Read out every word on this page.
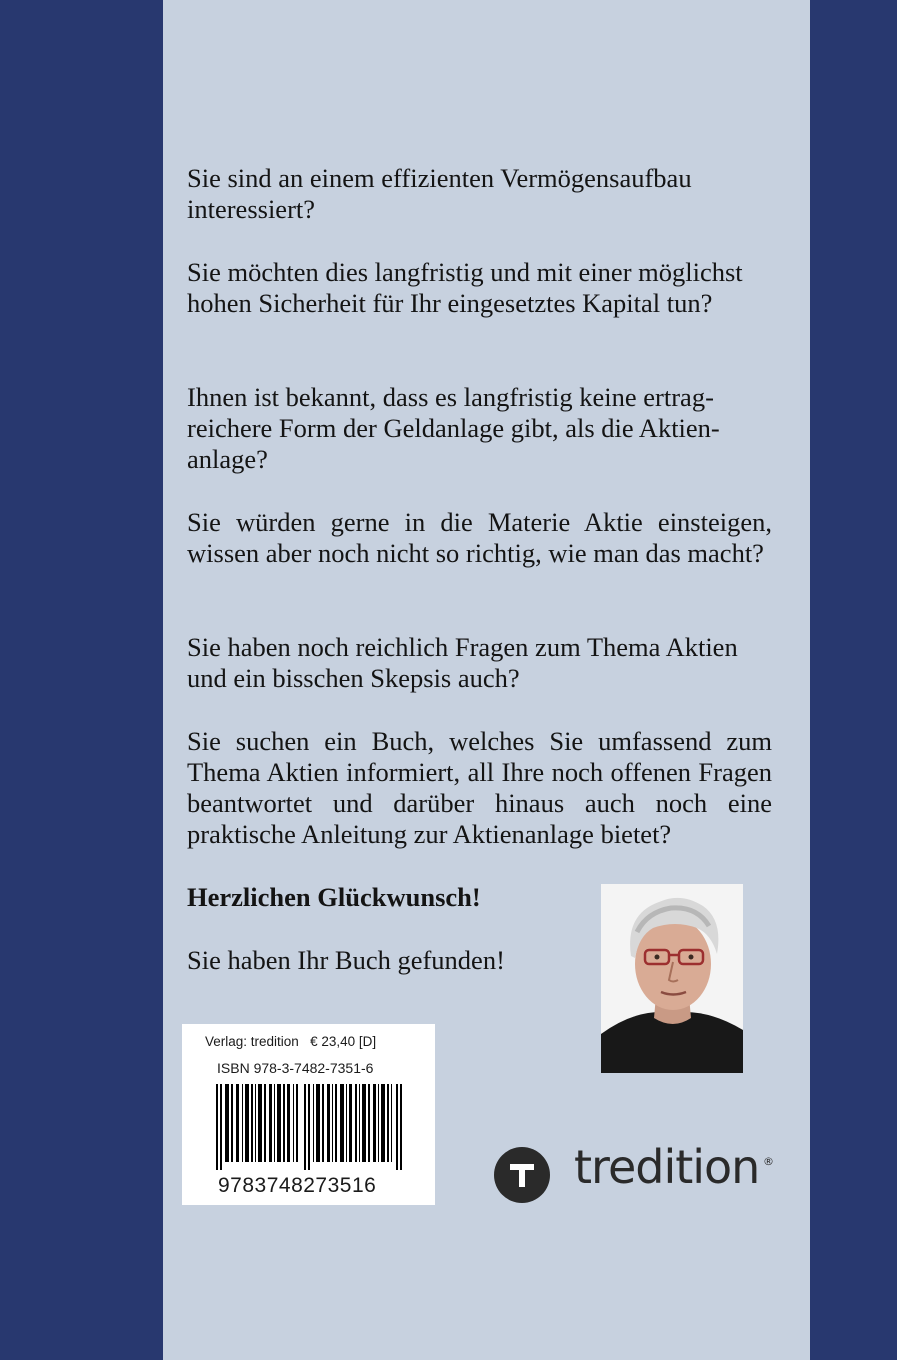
Sie sind an einem effizienten Vermögensaufbau interessiert?

Sie möchten dies langfristig und mit einer möglichst hohen Sicherheit für Ihr eingesetztes Kapital tun?

Ihnen ist bekannt, dass es langfristig keine ertrag-reichere Form der Geldanlage gibt, als die Aktien-anlage?

Sie würden gerne in die Materie Aktie einsteigen, wissen aber noch nicht so richtig, wie man das macht?

Sie haben noch reichlich Fragen zum Thema Aktien und ein bisschen Skepsis auch?

Sie suchen ein Buch, welches Sie umfassend zum Thema Aktien informiert, all Ihre noch offenen Fragen beantwortet und darüber hinaus auch noch eine praktische Anleitung zur Aktienanlage bietet?

Herzlichen Glückwunsch!

Sie haben Ihr Buch gefunden!

Verlag: tredition € 23,40 [D]
ISBN 978-3-7482-7351-6
9783748273516	tredition ®
